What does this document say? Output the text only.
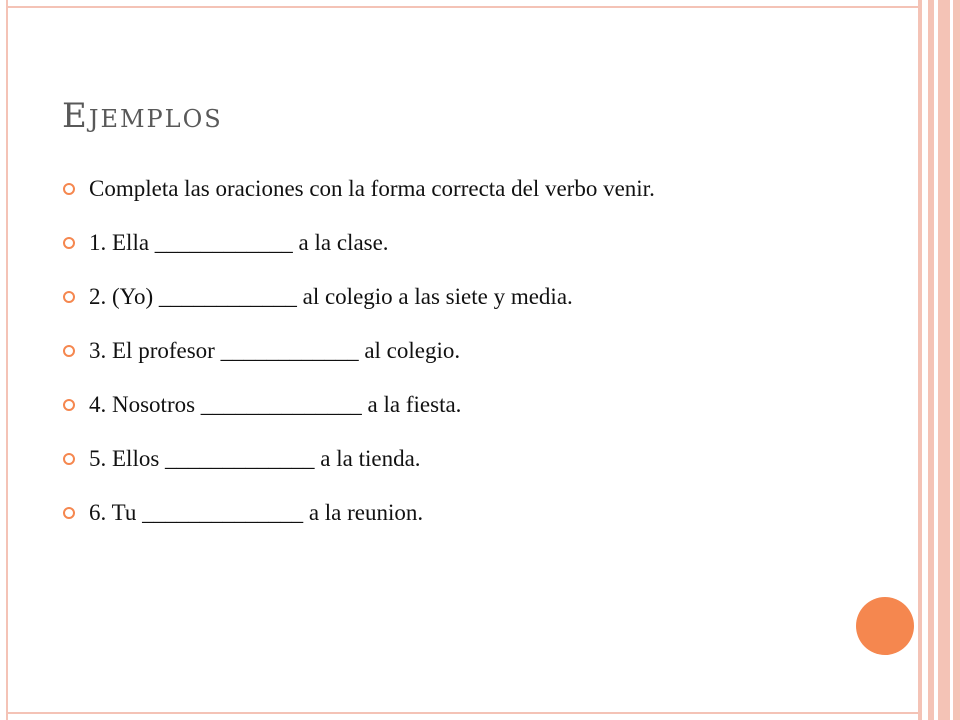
Ejemplos
Completa las oraciones con la forma correcta del verbo venir.
1. Ella ____________ a la clase.
2. (Yo) ____________ al colegio a las siete y media.
3. El profesor ____________ al colegio.
4. Nosotros ______________ a la fiesta.
5. Ellos _____________ a la tienda.
6. Tu ______________ a la reunion.
